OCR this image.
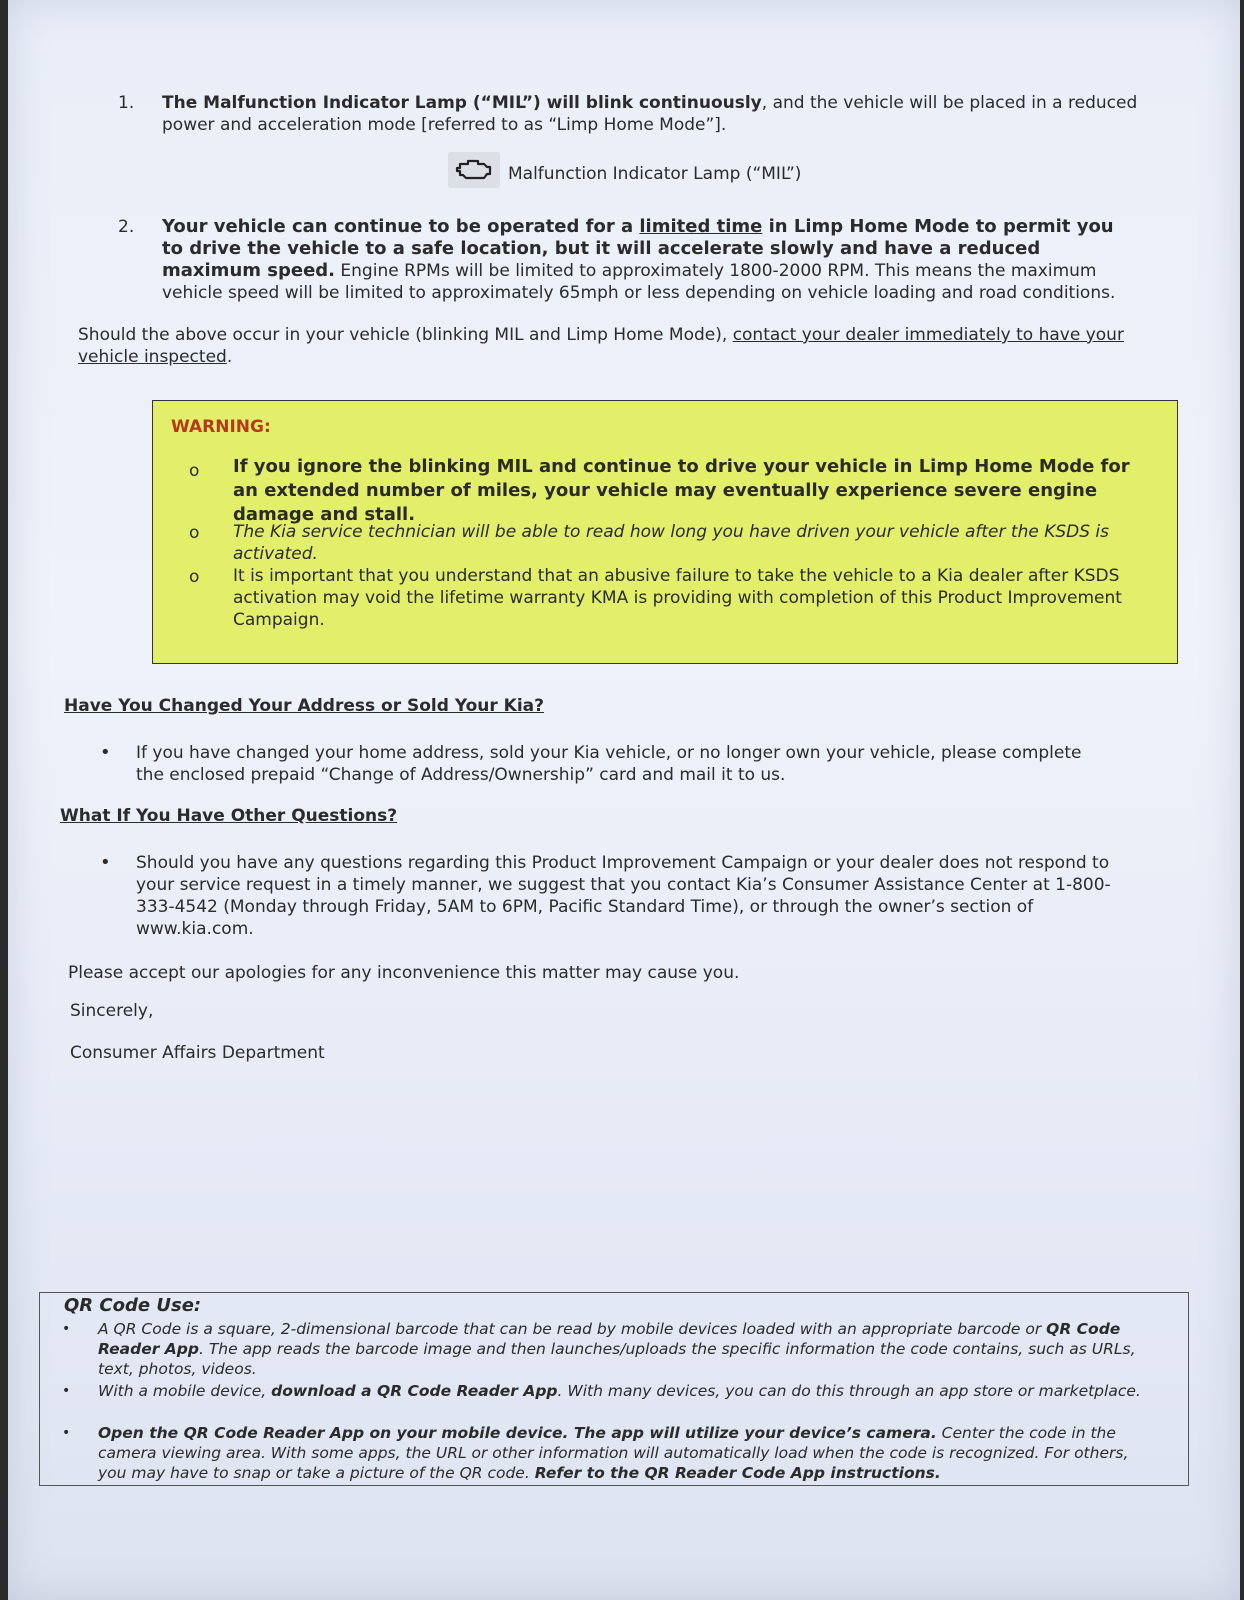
1.	The Malfunction Indicator Lamp (“MIL”) will blink continuously, and the vehicle will be placed in a reduced power and acceleration mode [referred to as “Limp Home Mode”].
Malfunction Indicator Lamp (“MIL”)
2.	Your vehicle can continue to be operated for a limited time in Limp Home Mode to permit you to drive the vehicle to a safe location, but it will accelerate slowly and have a reduced maximum speed. Engine RPMs will be limited to approximately 1800-2000 RPM. This means the maximum vehicle speed will be limited to approximately 65mph or less depending on vehicle loading and road conditions.
Should the above occur in your vehicle (blinking MIL and Limp Home Mode), contact your dealer immediately to have your vehicle inspected.
WARNING:
o If you ignore the blinking MIL and continue to drive your vehicle in Limp Home Mode for an extended number of miles, your vehicle may eventually experience severe engine damage and stall.
o The Kia service technician will be able to read how long you have driven your vehicle after the KSDS is activated.
o It is important that you understand that an abusive failure to take the vehicle to a Kia dealer after KSDS activation may void the lifetime warranty KMA is providing with completion of this Product Improvement Campaign.
Have You Changed Your Address or Sold Your Kia?
• If you have changed your home address, sold your Kia vehicle, or no longer own your vehicle, please complete the enclosed prepaid “Change of Address/Ownership” card and mail it to us.
What If You Have Other Questions?
• Should you have any questions regarding this Product Improvement Campaign or your dealer does not respond to your service request in a timely manner, we suggest that you contact Kia’s Consumer Assistance Center at 1-800-333-4542 (Monday through Friday, 5AM to 6PM, Pacific Standard Time), or through the owner’s section of www.kia.com.
Please accept our apologies for any inconvenience this matter may cause you.
Sincerely,
Consumer Affairs Department
QR Code Use:
• A QR Code is a square, 2-dimensional barcode that can be read by mobile devices loaded with an appropriate barcode or QR Code Reader App. The app reads the barcode image and then launches/uploads the specific information the code contains, such as URLs, text, photos, videos.
• With a mobile device, download a QR Code Reader App. With many devices, you can do this through an app store or marketplace.
• Open the QR Code Reader App on your mobile device. The app will utilize your device’s camera. Center the code in the camera viewing area. With some apps, the URL or other information will automatically load when the code is recognized. For others, you may have to snap or take a picture of the QR code. Refer to the QR Reader Code App instructions.
